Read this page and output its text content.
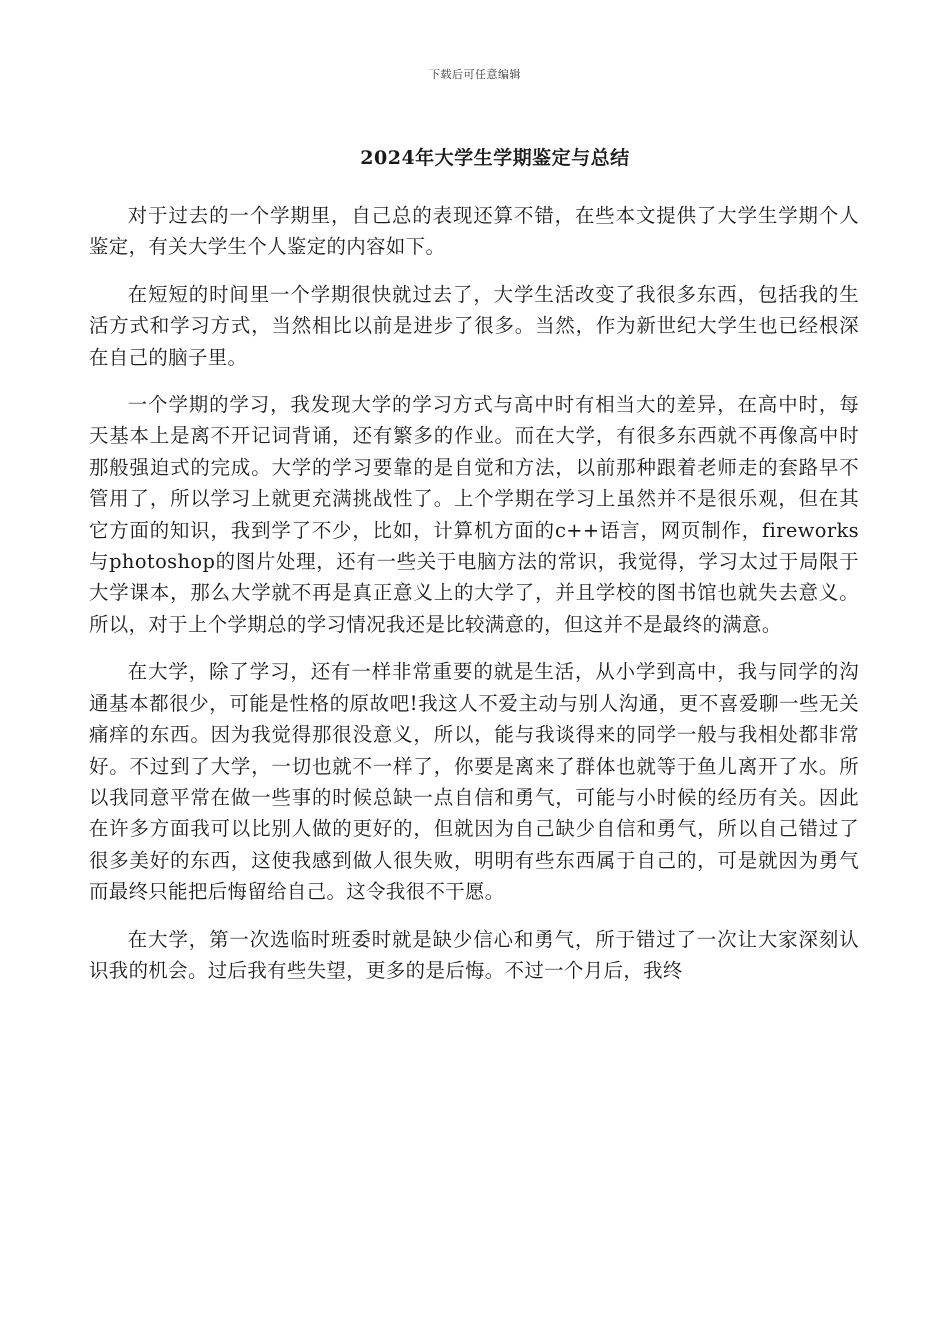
下载后可任意编辑
2024年大学生学期鉴定与总结

对于过去的一个学期里，自己总的表现还算不错，在些本文提供了大学生学期个人鉴定，有关大学生个人鉴定的内容如下。

在短短的时间里一个学期很快就过去了，大学生活改变了我很多东西，包括我的生活方式和学习方式，当然相比以前是进步了很多。当然，作为新世纪大学生也已经根深在自己的脑子里。

一个学期的学习，我发现大学的学习方式与高中时有相当大的差异，在高中时，每天基本上是离不开记词背诵，还有繁多的作业。而在大学，有很多东西就不再像高中时那般强迫式的完成。大学的学习要靠的是自觉和方法，以前那种跟着老师走的套路早不管用了，所以学习上就更充满挑战性了。上个学期在学习上虽然并不是很乐观，但在其它方面的知识，我到学了不少，比如，计算机方面的c++语言，网页制作，fireworks与photoshop的图片处理，还有一些关于电脑方法的常识，我觉得，学习太过于局限于大学课本，那么大学就不再是真正意义上的大学了，并且学校的图书馆也就失去意义。所以，对于上个学期总的学习情况我还是比较满意的，但这并不是最终的满意。

在大学，除了学习，还有一样非常重要的就是生活，从小学到高中，我与同学的沟通基本都很少，可能是性格的原故吧!我这人不爱主动与别人沟通，更不喜爱聊一些无关痛痒的东西。因为我觉得那很没意义，所以，能与我谈得来的同学一般与我相处都非常好。不过到了大学，一切也就不一样了，你要是离来了群体也就等于鱼儿离开了水。所以我同意平常在做一些事的时候总缺一点自信和勇气，可能与小时候的经历有关。因此在许多方面我可以比别人做的更好的，但就因为自己缺少自信和勇气，所以自己错过了很多美好的东西，这使我感到做人很失败，明明有些东西属于自己的，可是就因为勇气而最终只能把后悔留给自己。这令我很不干愿。

在大学，第一次选临时班委时就是缺少信心和勇气，所于错过了一次让大家深刻认识我的机会。过后我有些失望，更多的是后悔。不过一个月后，我终
